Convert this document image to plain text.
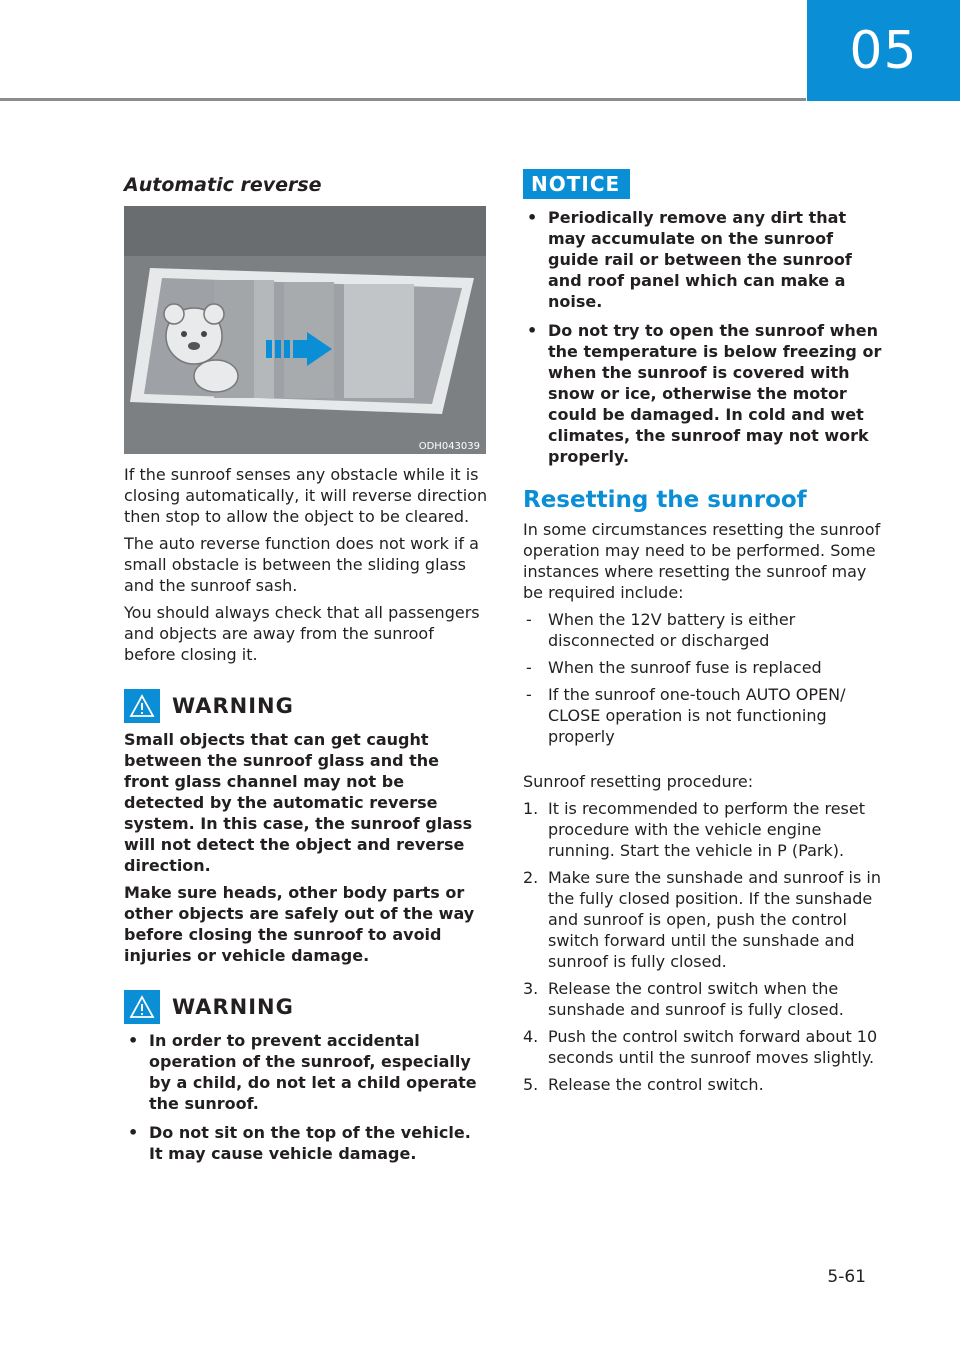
05
Automatic reverse
ODH043039

If the sunroof senses any obstacle while it is closing automatically, it will reverse direction then stop to allow the object to be cleared.

The auto reverse function does not work if a small obstacle is between the sliding glass and the sunroof sash.

You should always check that all passengers and objects are away from the sunroof before closing it.

WARNING

Small objects that can get caught between the sunroof glass and the front glass channel may not be detected by the automatic reverse system. In this case, the sunroof glass will not detect the object and reverse direction.

Make sure heads, other body parts or other objects are safely out of the way before closing the sunroof to avoid injuries or vehicle damage.

WARNING
• In order to prevent accidental operation of the sunroof, especially by a child, do not let a child operate the sunroof.
• Do not sit on the top of the vehicle. It may cause vehicle damage.
NOTICE
• Periodically remove any dirt that may accumulate on the sunroof guide rail or between the sunroof and roof panel which can make a noise.
• Do not try to open the sunroof when the temperature is below freezing or when the sunroof is covered with snow or ice, otherwise the motor could be damaged. In cold and wet climates, the sunroof may not work properly.
Resetting the sunroof

In some circumstances resetting the sunroof operation may need to be performed. Some instances where resetting the sunroof may be required include:

- When the 12V battery is either disconnected or discharged
- When the sunroof fuse is replaced
- If the sunroof one-touch AUTO OPEN/ CLOSE operation is not functioning properly

Sunroof resetting procedure:

1. It is recommended to perform the reset procedure with the vehicle engine running. Start the vehicle in P (Park).
2. Make sure the sunshade and sunroof is in the fully closed position. If the sunshade and sunroof is open, push the control switch forward until the sunshade and sunroof is fully closed.
3. Release the control switch when the sunshade and sunroof is fully closed.
4. Push the control switch forward about 10 seconds until the sunroof moves slightly.
5. Release the control switch.
5-61
